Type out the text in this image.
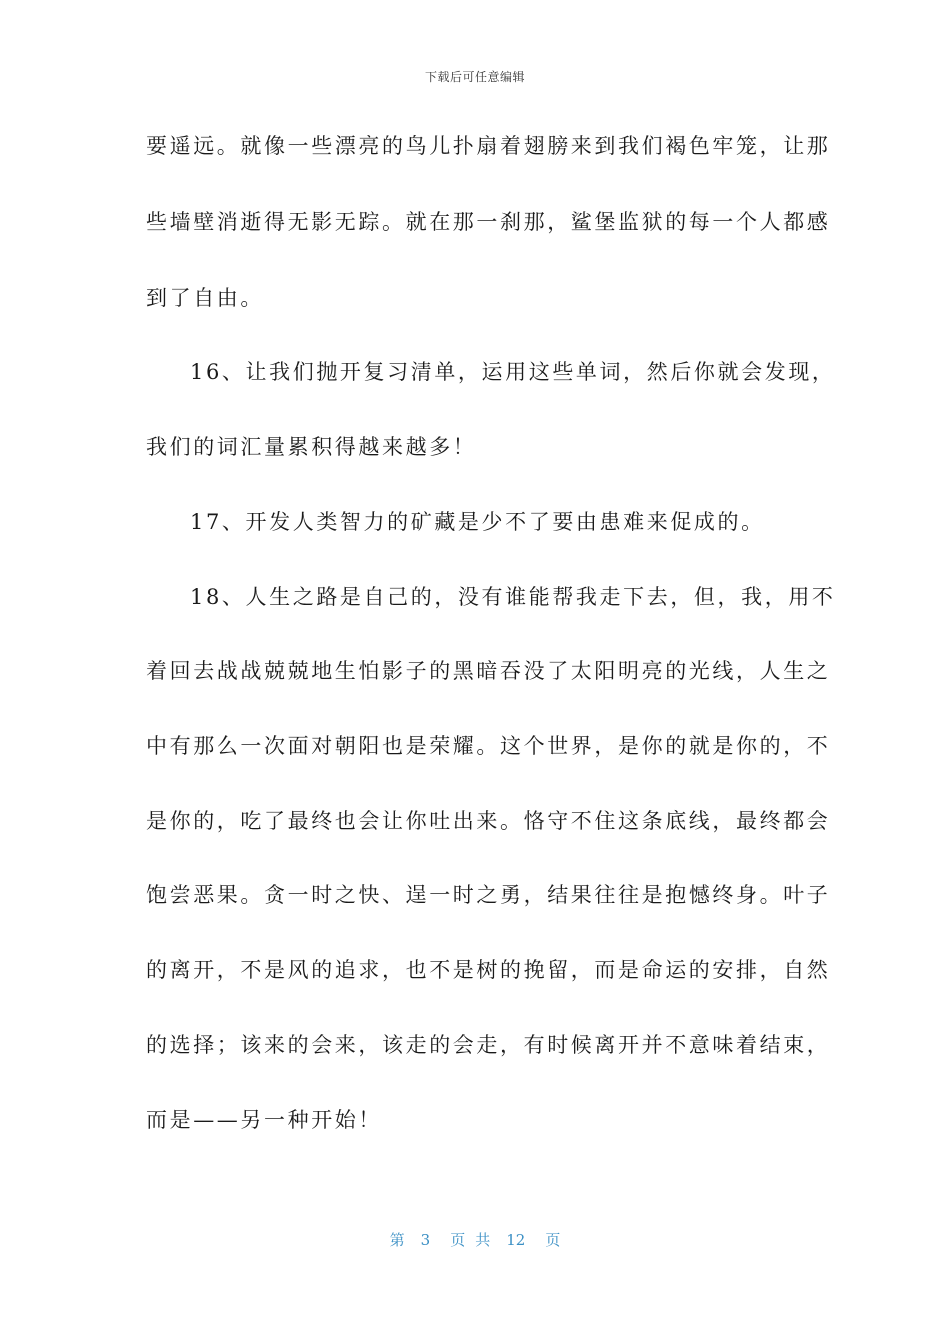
下载后可任意编辑
要遥远。就像一些漂亮的鸟儿扑扇着翅膀来到我们褐色牢笼，让那
些墙壁消逝得无影无踪。就在那一刹那，鲨堡监狱的每一个人都感
到了自由。
16、让我们抛开复习清单，运用这些单词，然后你就会发现，
我们的词汇量累积得越来越多！
17、开发人类智力的矿藏是少不了要由患难来促成的。
18、人生之路是自己的，没有谁能帮我走下去，但，我，用不
着回去战战兢兢地生怕影子的黑暗吞没了太阳明亮的光线，人生之
中有那么一次面对朝阳也是荣耀。这个世界，是你的就是你的，不
是你的，吃了最终也会让你吐出来。恪守不住这条底线，最终都会
饱尝恶果。贪一时之快、逞一时之勇，结果往往是抱憾终身。叶子
的离开，不是风的追求，也不是树的挽留，而是命运的安排，自然
的选择；该来的会来，该走的会走，有时候离开并不意味着结束，
而是——另一种开始！
第 3 页 共 12 页
